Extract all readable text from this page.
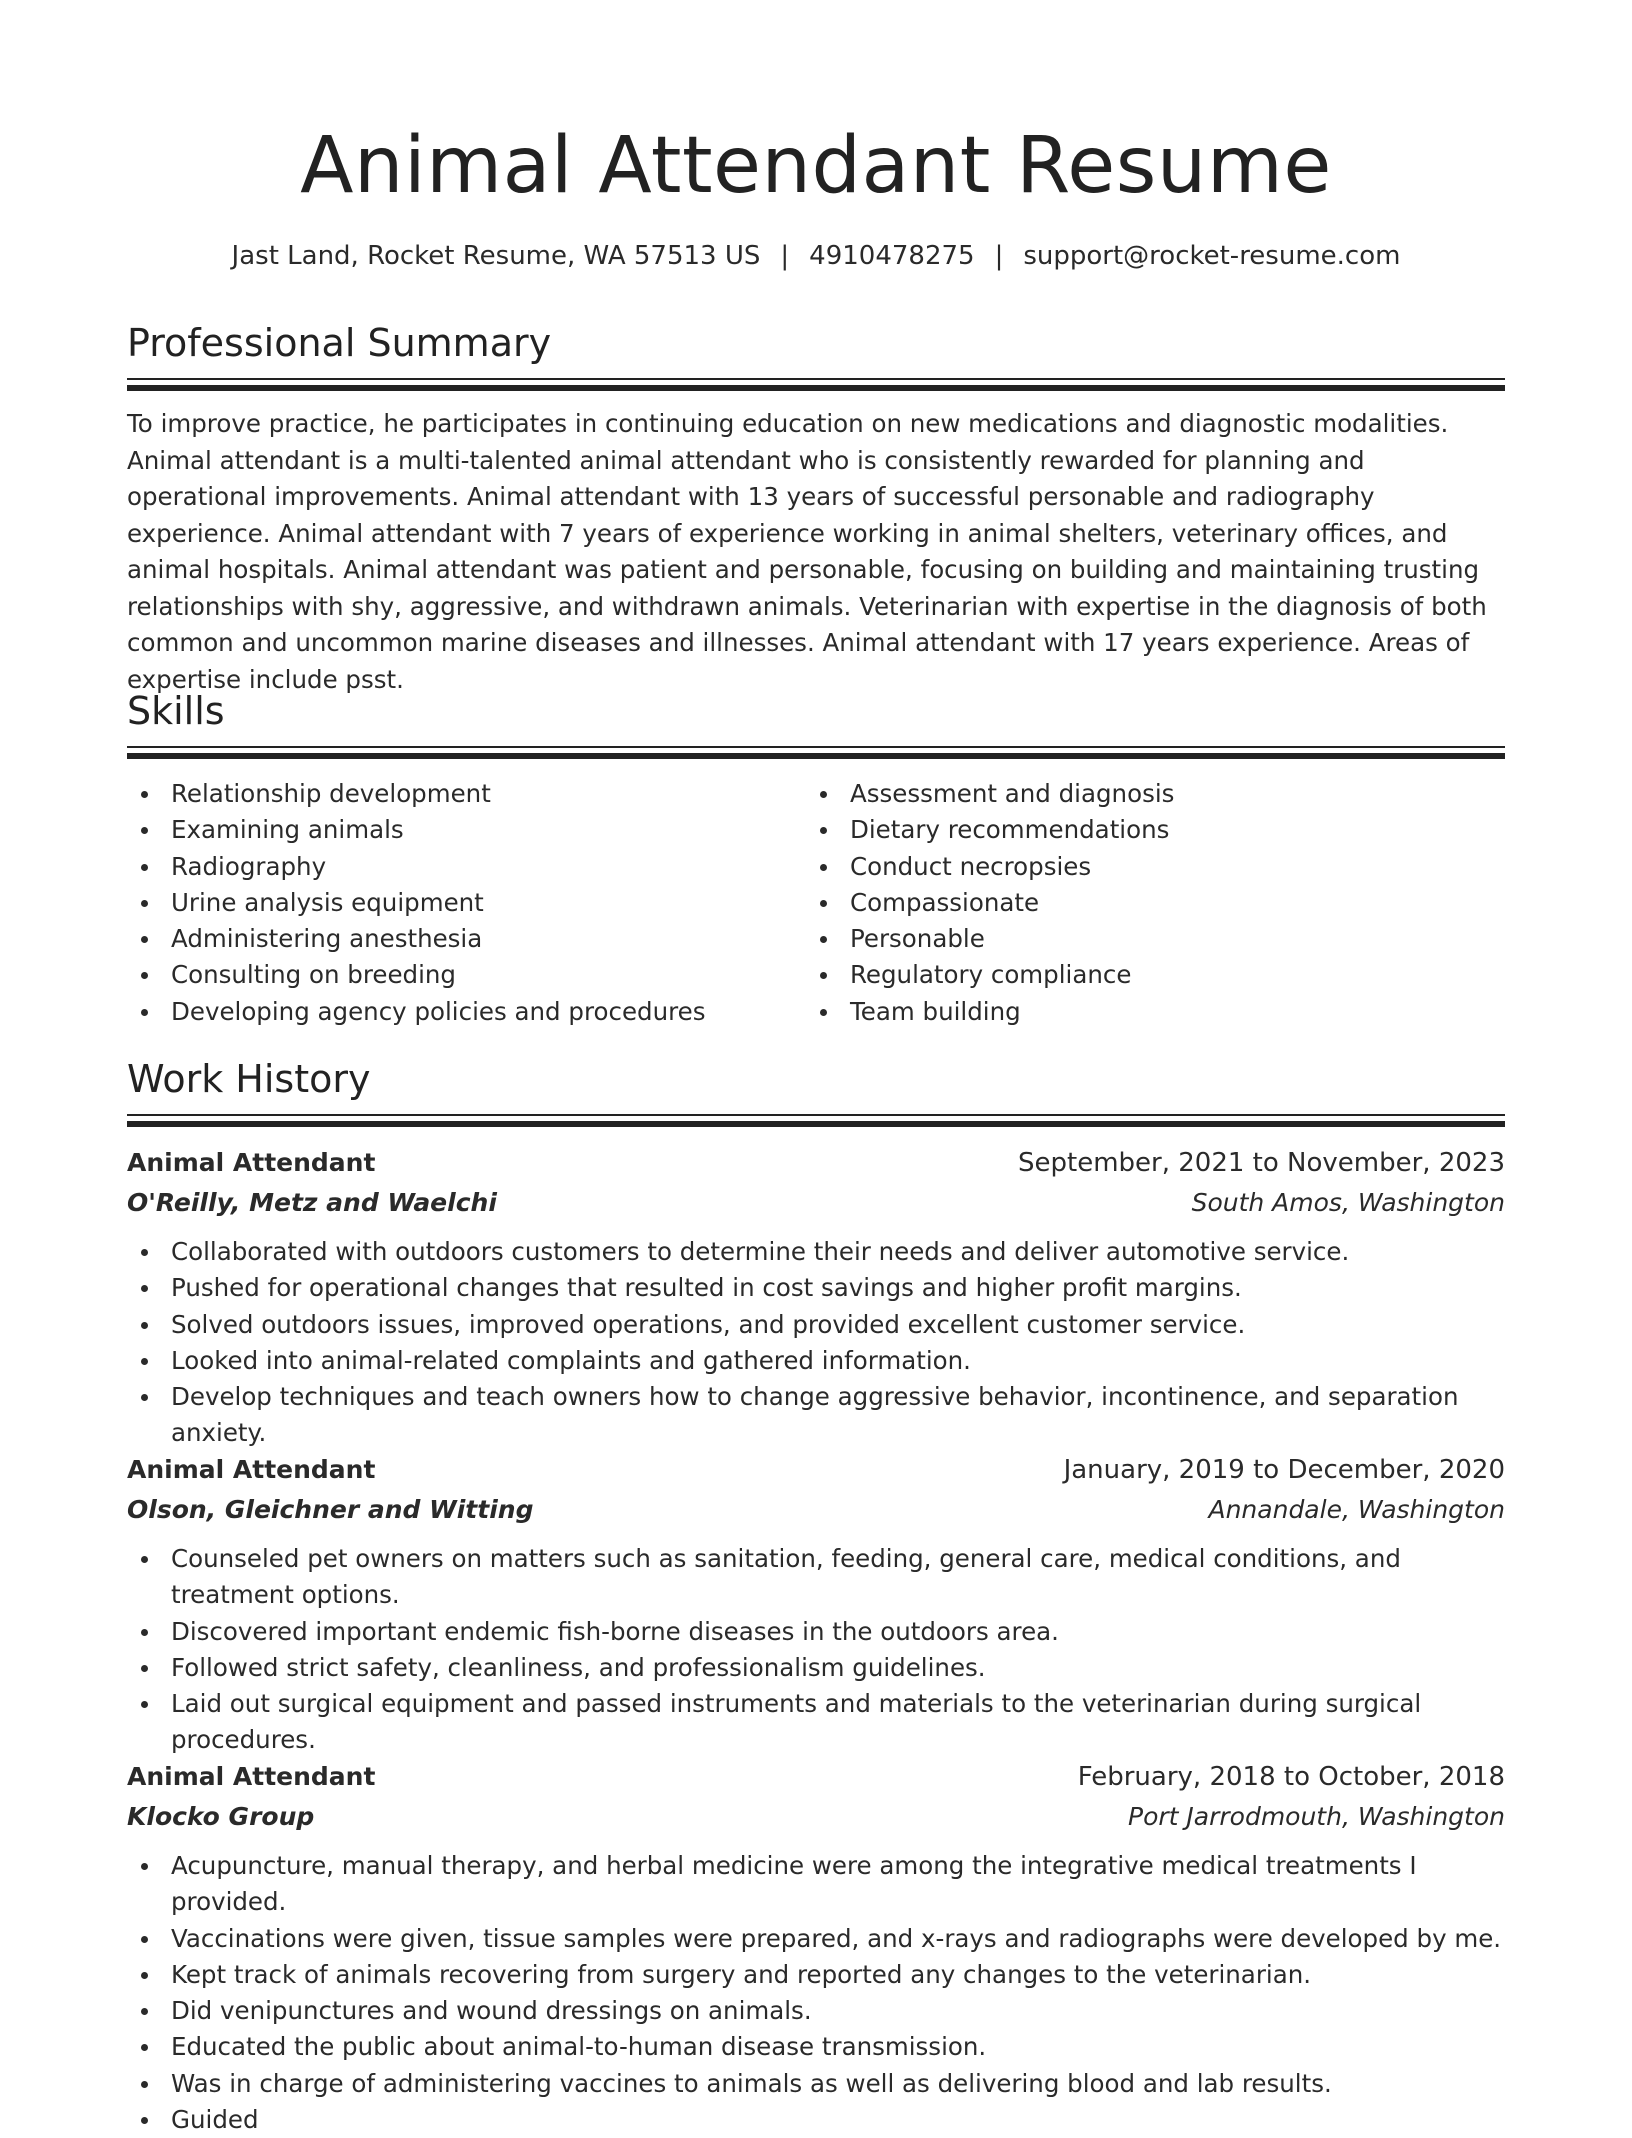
Animal Attendant Resume
Jast Land, Rocket Resume, WA 57513 US | 4910478275 | support@rocket-resume.com
Professional Summary

To improve practice, he participates in continuing education on new medications and diagnostic modalities. Animal attendant is a multi-talented animal attendant who is consistently rewarded for planning and operational improvements. Animal attendant with 13 years of successful personable and radiography experience. Animal attendant with 7 years of experience working in animal shelters, veterinary offices, and animal hospitals. Animal attendant was patient and personable, focusing on building and maintaining trusting relationships with shy, aggressive, and withdrawn animals. Veterinarian with expertise in the diagnosis of both common and uncommon marine diseases and illnesses. Animal attendant with 17 years experience. Areas of expertise include psst.

Skills
Relationship development
Examining animals
Radiography
Urine analysis equipment
Administering anesthesia
Consulting on breeding
Developing agency policies and procedures
Assessment and diagnosis
Dietary recommendations
Conduct necropsies
Compassionate
Personable
Regulatory compliance
Team building
Work History
Animal Attendant	September, 2021 to November, 2023
O'Reilly, Metz and Waelchi	South Amos, Washington
Collaborated with outdoors customers to determine their needs and deliver automotive service.
Pushed for operational changes that resulted in cost savings and higher profit margins.
Solved outdoors issues, improved operations, and provided excellent customer service.
Looked into animal-related complaints and gathered information.
Develop techniques and teach owners how to change aggressive behavior, incontinence, and separation anxiety.
Animal Attendant	January, 2019 to December, 2020
Olson, Gleichner and Witting	Annandale, Washington
Counseled pet owners on matters such as sanitation, feeding, general care, medical conditions, and treatment options.
Discovered important endemic fish-borne diseases in the outdoors area.
Followed strict safety, cleanliness, and professionalism guidelines.
Laid out surgical equipment and passed instruments and materials to the veterinarian during surgical procedures.
Animal Attendant	February, 2018 to October, 2018
Klocko Group	Port Jarrodmouth, Washington
Acupuncture, manual therapy, and herbal medicine were among the integrative medical treatments I provided.
Vaccinations were given, tissue samples were prepared, and x-rays and radiographs were developed by me.
Kept track of animals recovering from surgery and reported any changes to the veterinarian.
Did venipunctures and wound dressings on animals.
Educated the public about animal-to-human disease transmission.
Was in charge of administering vaccines to animals as well as delivering blood and lab results.
Guided
